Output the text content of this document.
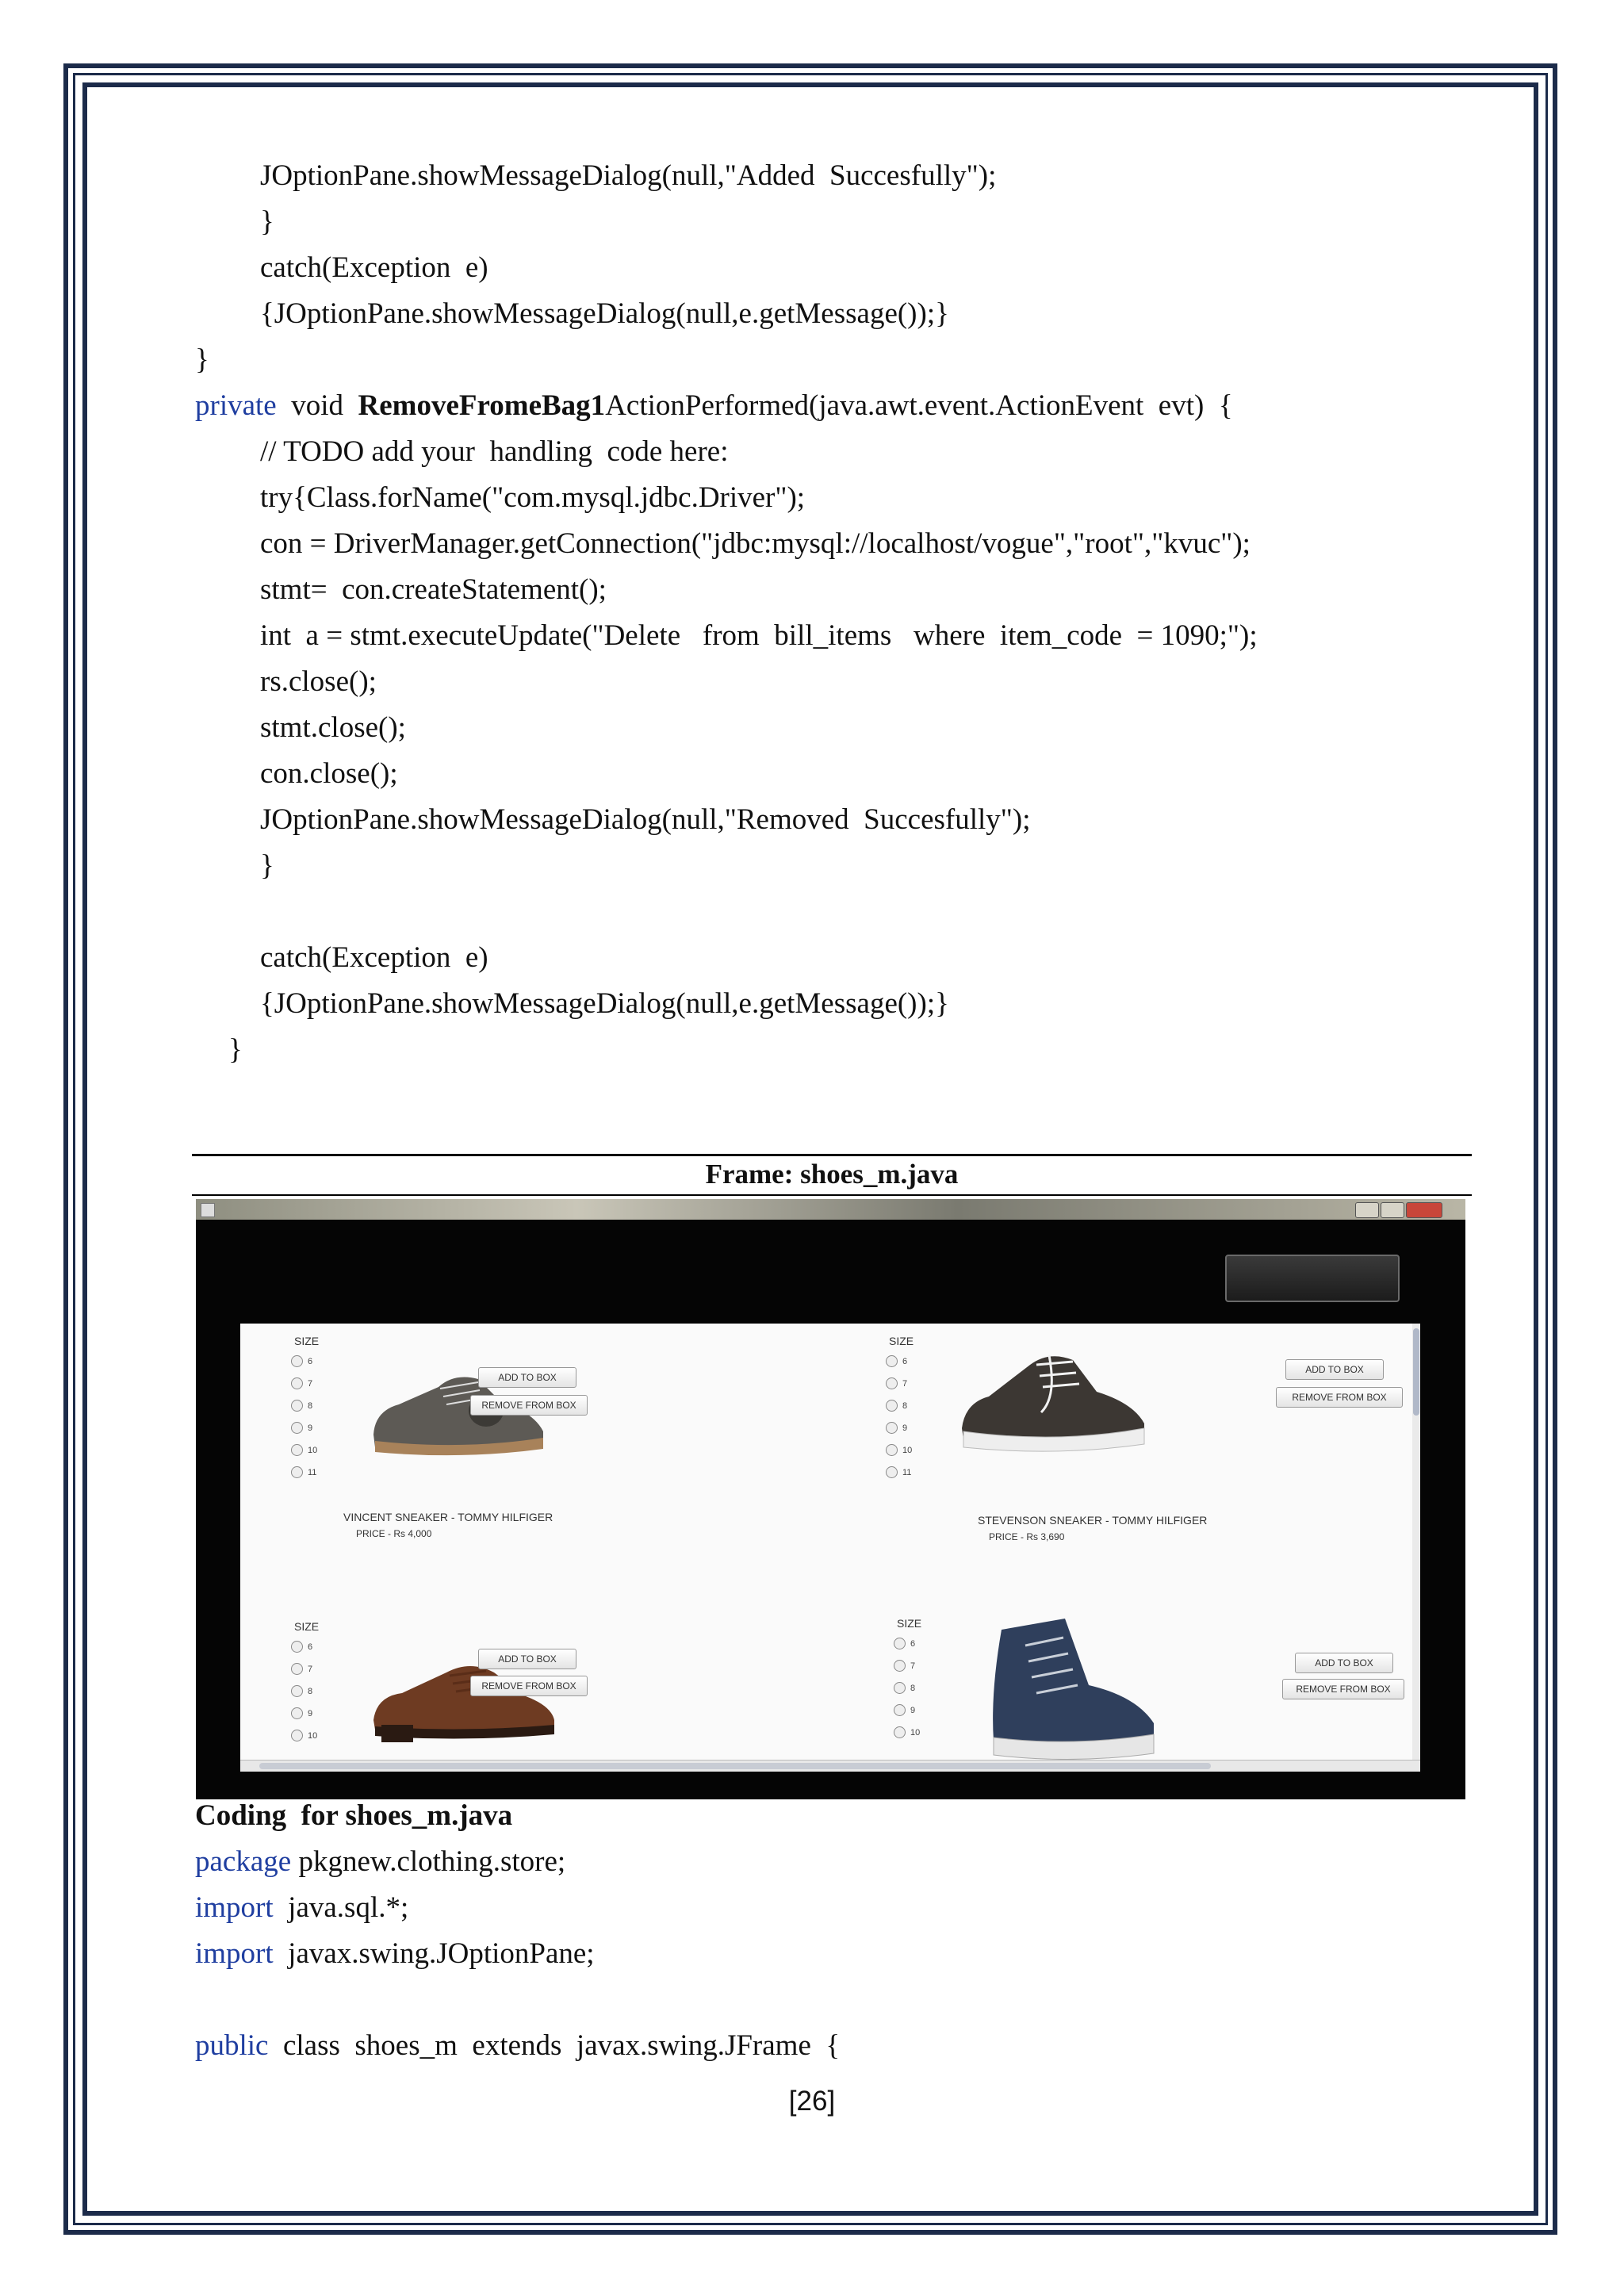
JOptionPane.showMessageDialog(null,"Added  Succesfully");
}
catch(Exception  e)
{JOptionPane.showMessageDialog(null,e.getMessage());}
}
private  void  RemoveFromeBag1ActionPerformed(java.awt.event.ActionEvent  evt)  {
// TODO add your  handling  code here:
try{Class.forName("com.mysql.jdbc.Driver");
con = DriverManager.getConnection("jdbc:mysql://localhost/vogue","root","kvuc");
stmt=  con.createStatement();
int  a = stmt.executeUpdate("Delete   from  bill_items   where  item_code  = 1090;");
rs.close();
stmt.close();
con.close();
JOptionPane.showMessageDialog(null,"Removed  Succesfully");
}
catch(Exception  e)
{JOptionPane.showMessageDialog(null,e.getMessage());}
}
Frame: shoes_m.java
SIZE
6
7
8
9
10
11
ADD TO BOX
REMOVE FROM BOX
VINCENT SNEAKER - TOMMY HILFIGER
PRICE - Rs 4,000
SIZE
6
7
8
9
10
11
ADD TO BOX
REMOVE FROM BOX
STEVENSON SNEAKER - TOMMY HILFIGER
PRICE - Rs 3,690
SIZE
6
7
8
9
10
ADD TO BOX
REMOVE FROM BOX
SIZE
6
7
8
9
10
ADD TO BOX
REMOVE FROM BOX
Coding  for shoes_m.java
package pkgnew.clothing.store;
import  java.sql.*;
import  javax.swing.JOptionPane;
public  class  shoes_m  extends  javax.swing.JFrame  {
[26]
